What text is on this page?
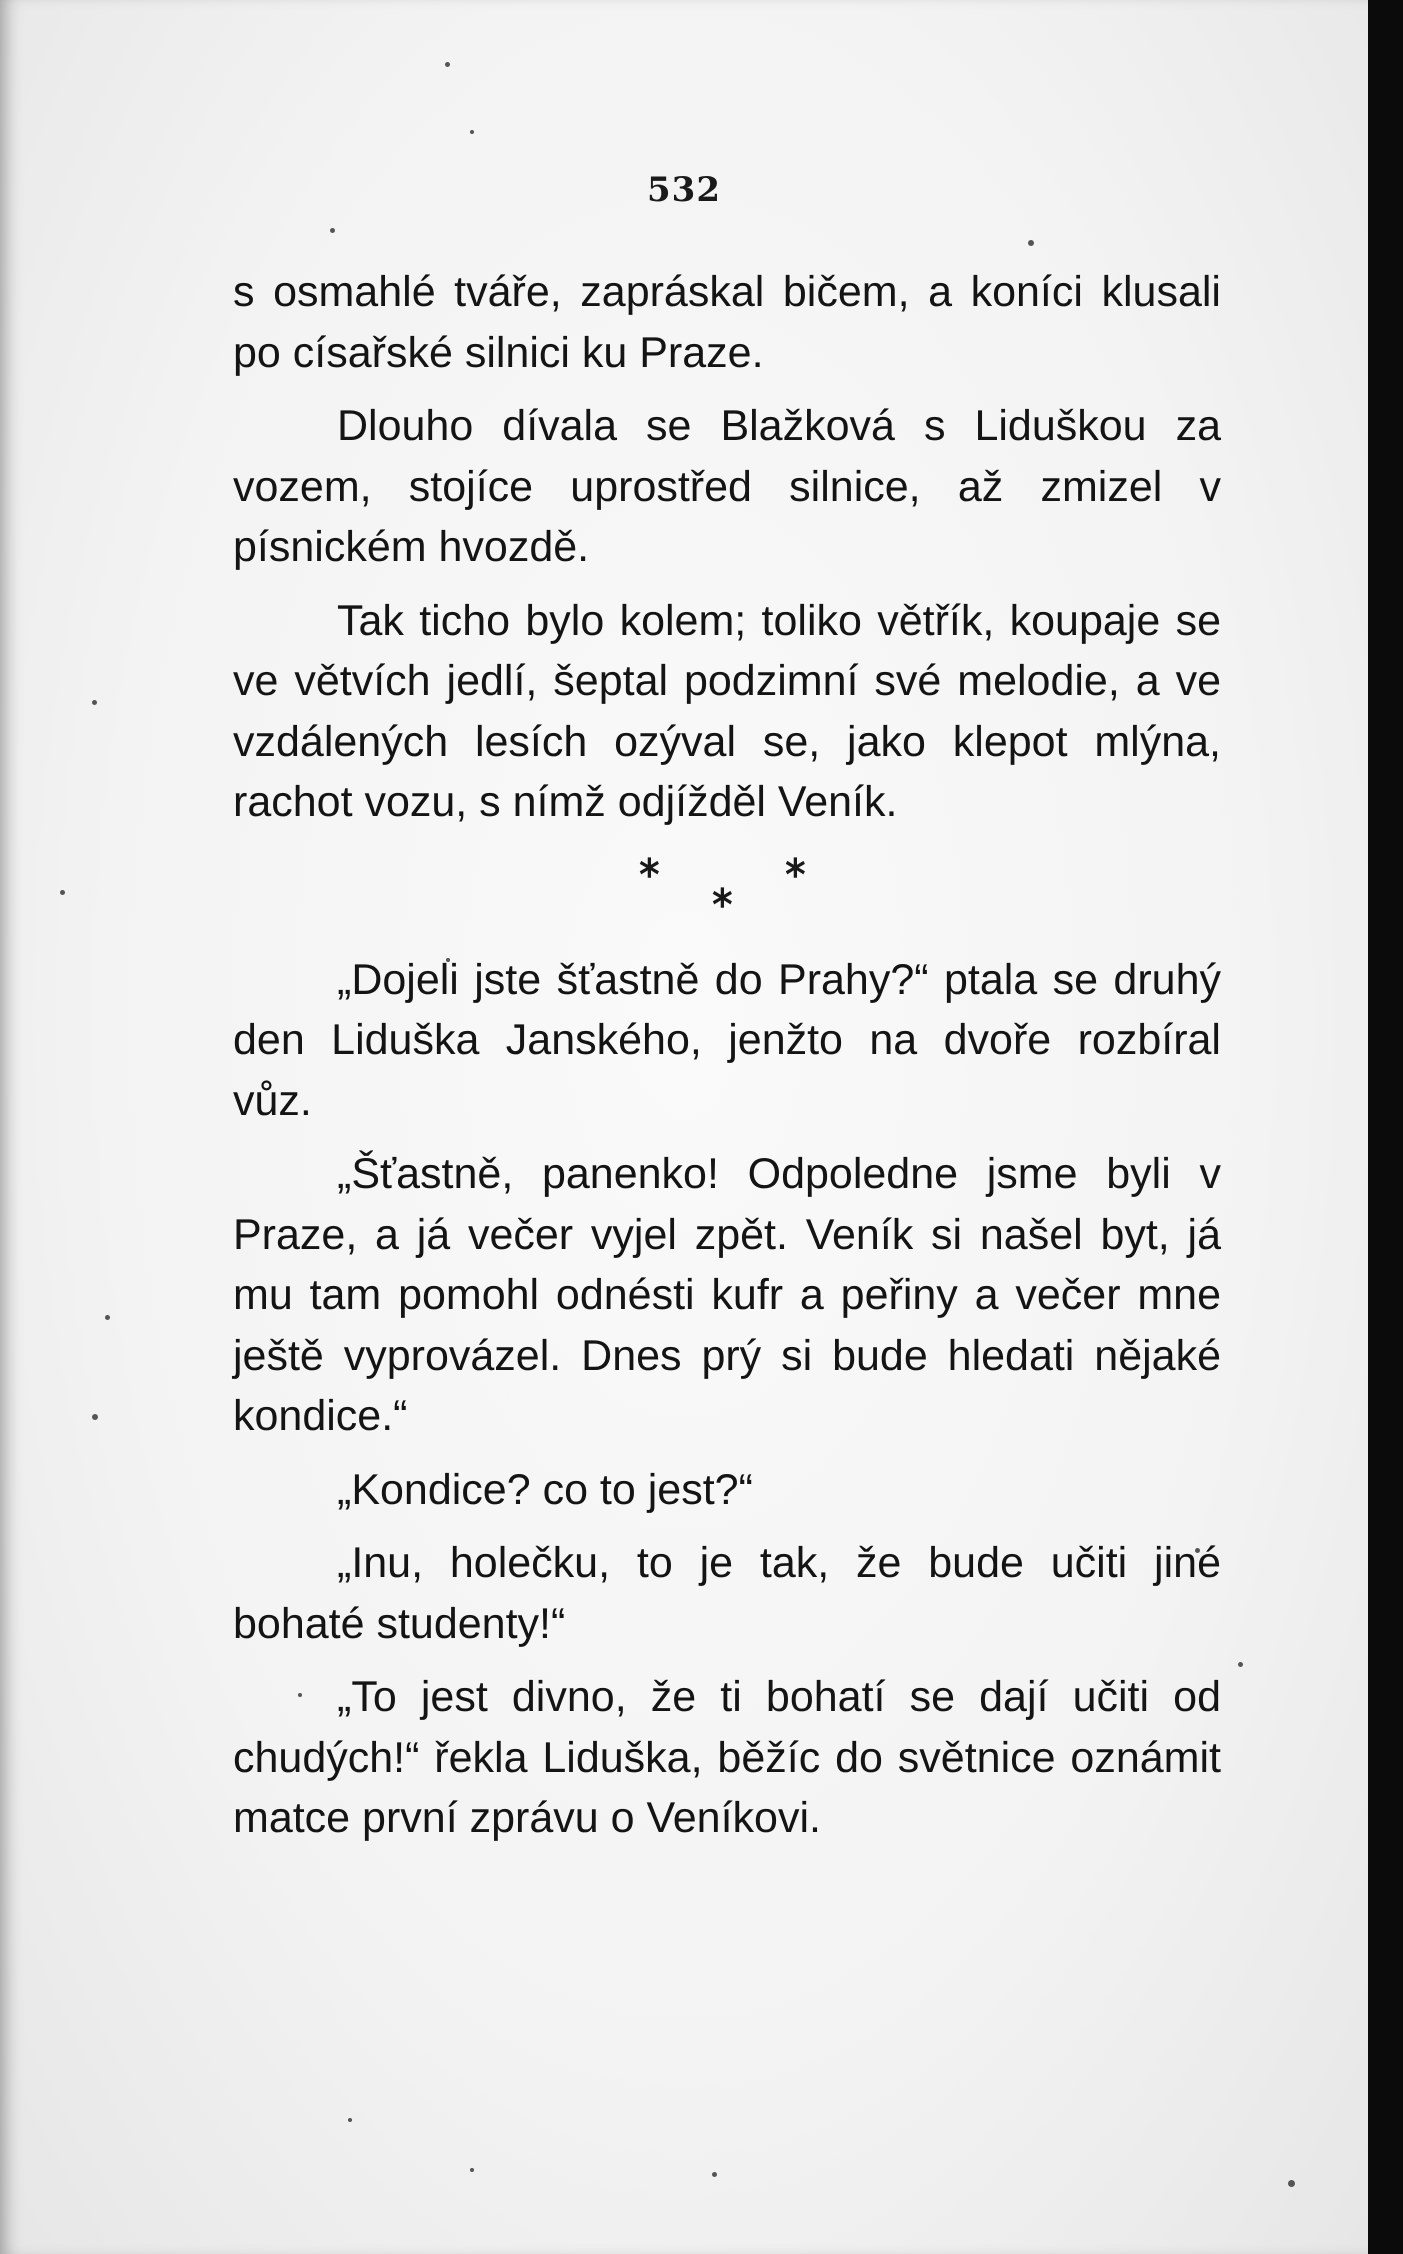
532

s osmahlé tváře, zapráskal bičem, a koníci klusali po císařské silnici ku Praze.

Dlouho dívala se Blažková s Liduškou za vozem, stojíce uprostřed silnice, až zmizel v písnickém hvozdě.

Tak ticho bylo kolem; toliko větřík, koupaje se ve větvích jedlí, šeptal podzimní své melodie, a ve vzdálených lesích ozýval se, jako klepot mlýna, rachot vozu, s nímž odjížděl Veník.

*	*
*

„Dojeli jste šťastně do Prahy?“ ptala se druhý den Liduška Janského, jenžto na dvoře rozbíral vůz.

„Šťastně, panenko! Odpoledne jsme byli v Praze, a já večer vyjel zpět. Veník si našel byt, já mu tam pomohl odnésti kufr a peřiny a večer mne ještě vyprovázel. Dnes prý si bude hledati nějaké kondice.“

„Kondice? co to jest?“

„Inu, holečku, to je tak, že bude učiti jiné bohaté studenty!“

„To jest divno, že ti bohatí se dají učiti od chudých!“ řekla Liduška, běžíc do světnice oznámit matce první zprávu o Veníkovi.
